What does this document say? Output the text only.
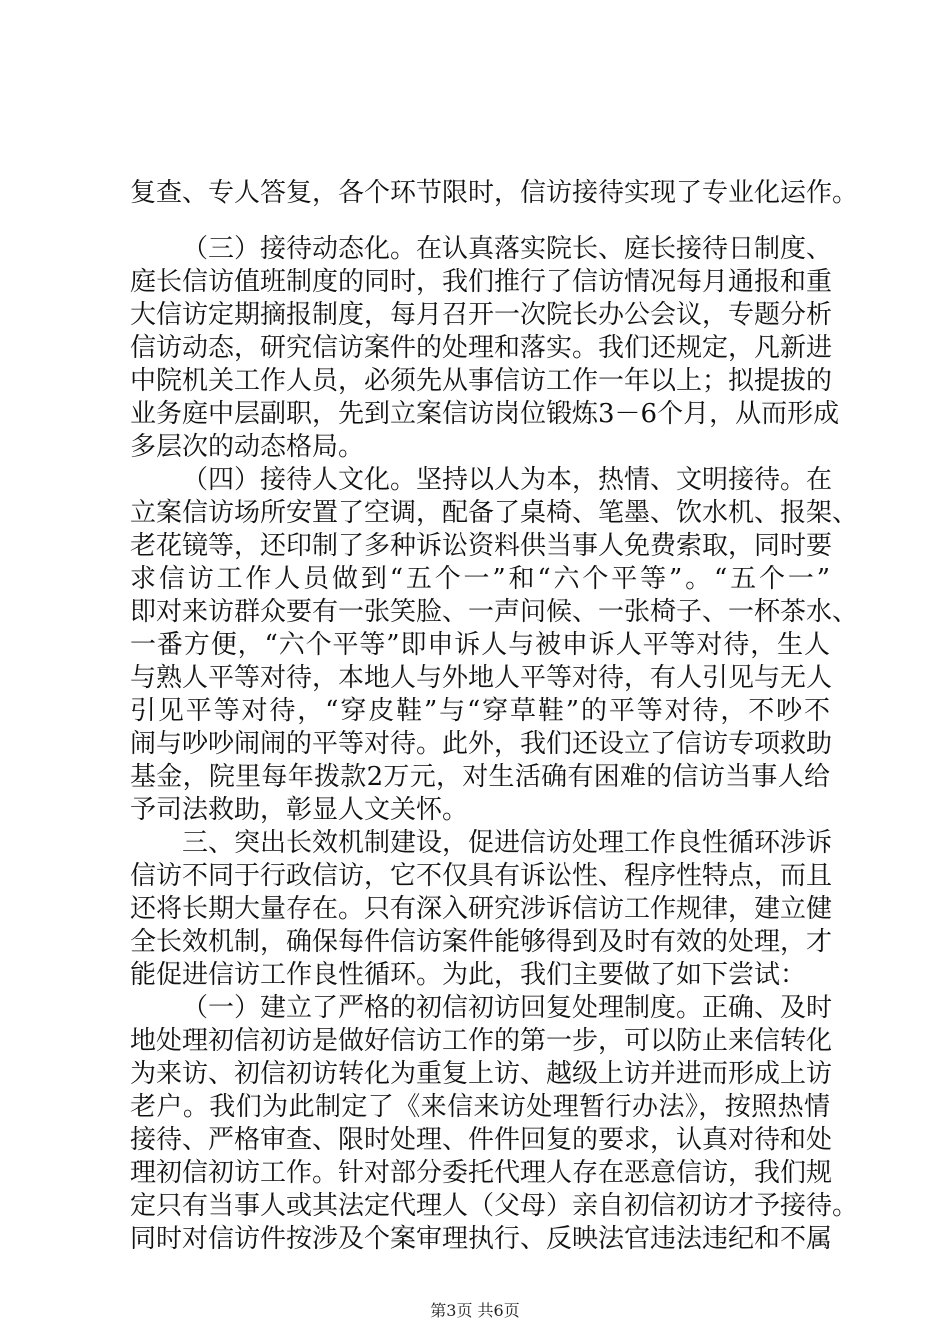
复查、专人答复，各个环节限时，信访接待实现了专业化运作。
（三）接待动态化。在认真落实院长、庭长接待日制度、
庭长信访值班制度的同时，我们推行了信访情况每月通报和重
大信访定期摘报制度，每月召开一次院长办公会议，专题分析
信访动态，研究信访案件的处理和落实。我们还规定，凡新进
中院机关工作人员，必须先从事信访工作一年以上；拟提拔的
业务庭中层副职，先到立案信访岗位锻炼3－6个月，从而形成
多层次的动态格局。
（四）接待人文化。坚持以人为本，热情、文明接待。在
立案信访场所安置了空调，配备了桌椅、笔墨、饮水机、报架、
老花镜等，还印制了多种诉讼资料供当事人免费索取，同时要
求信访工作人员做到“五个一”和“六个平等”。“五个一”
即对来访群众要有一张笑脸、一声问候、一张椅子、一杯茶水、
一番方便，“六个平等”即申诉人与被申诉人平等对待，生人
与熟人平等对待，本地人与外地人平等对待，有人引见与无人
引见平等对待，“穿皮鞋”与“穿草鞋”的平等对待，不吵不
闹与吵吵闹闹的平等对待。此外，我们还设立了信访专项救助
基金，院里每年拨款2万元，对生活确有困难的信访当事人给
予司法救助，彰显人文关怀。
三、突出长效机制建设，促进信访处理工作良性循环涉诉
信访不同于行政信访，它不仅具有诉讼性、程序性特点，而且
还将长期大量存在。只有深入研究涉诉信访工作规律，建立健
全长效机制，确保每件信访案件能够得到及时有效的处理，才
能促进信访工作良性循环。为此，我们主要做了如下尝试：
（一）建立了严格的初信初访回复处理制度。正确、及时
地处理初信初访是做好信访工作的第一步，可以防止来信转化
为来访、初信初访转化为重复上访、越级上访并进而形成上访
老户。我们为此制定了《来信来访处理暂行办法》，按照热情
接待、严格审查、限时处理、件件回复的要求，认真对待和处
理初信初访工作。针对部分委托代理人存在恶意信访，我们规
定只有当事人或其法定代理人（父母）亲自初信初访才予接待。
同时对信访件按涉及个案审理执行、反映法官违法违纪和不属
第3页 共6页
